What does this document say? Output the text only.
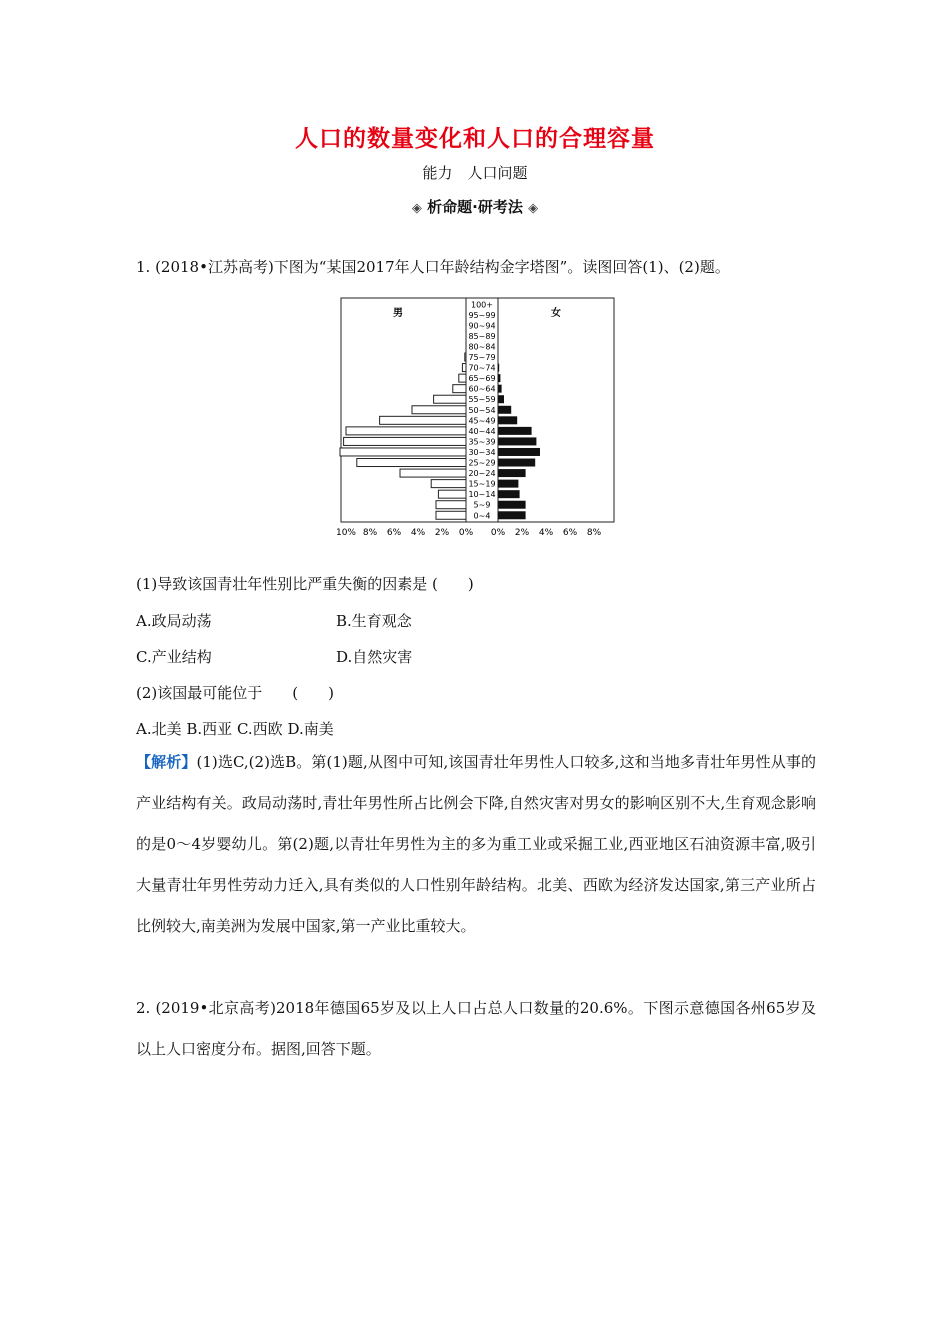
人口的数量变化和人口的合理容量
能力　人口问题
◈ 析命题·研考法 ◈
1. (2018•江苏高考)下图为“某国2017年人口年龄结构金字塔图”。读图回答(1)、(2)题。
男	女
100+
95~99
90~94
85~89
80~84
75~79
70~74
65~69
60~64
55~59
50~54
45~49
40~44
35~39
30~34
25~29
20~24
15~19
10~14
5~9
0~4
10% 8% 6% 4% 2% 0% 0% 2% 4% 6% 8%
(1)导致该国青壮年性别比严重失衡的因素是 (　　)
A.政局动荡	B.生育观念
C.产业结构	D.自然灾害
(2)该国最可能位于　　(　　)
A.北美 B.西亚 C.西欧 D.南美
【解析】(1)选C,(2)选B。第(1)题,从图中可知,该国青壮年男性人口较多,这和当地多青壮年男性从事的产业结构有关。政局动荡时,青壮年男性所占比例会下降,自然灾害对男女的影响区别不大,生育观念影响的是0～4岁婴幼儿。第(2)题,以青壮年男性为主的多为重工业或采掘工业,西亚地区石油资源丰富,吸引大量青壮年男性劳动力迁入,具有类似的人口性别年龄结构。北美、西欧为经济发达国家,第三产业所占比例较大,南美洲为发展中国家,第一产业比重较大。
2. (2019•北京高考)2018年德国65岁及以上人口占总人口数量的20.6%。下图示意德国各州65岁及以上人口密度分布。据图,回答下题。
